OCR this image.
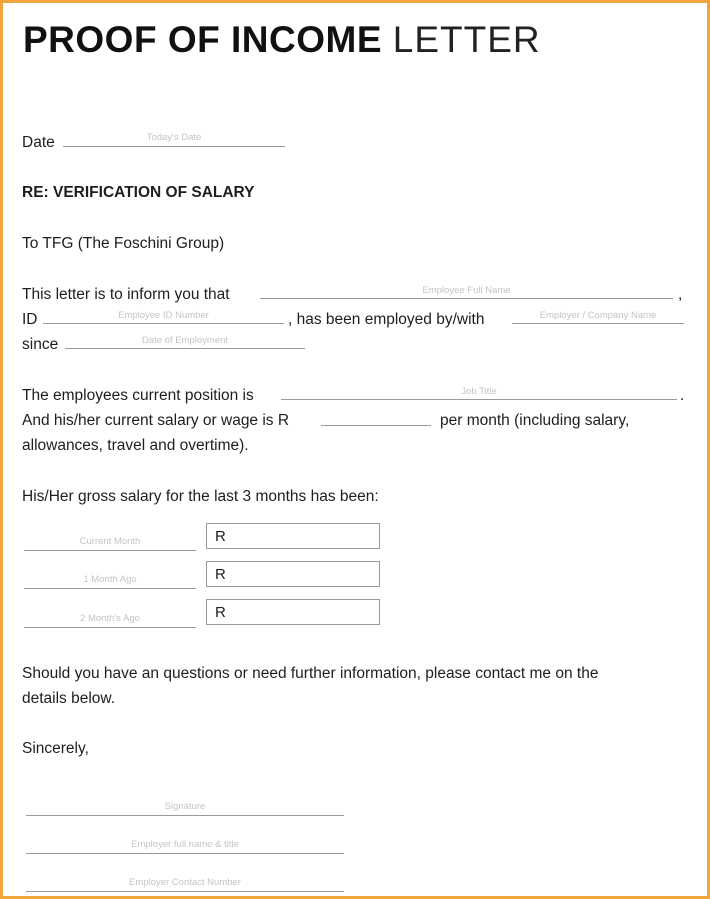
PROOF OF INCOME LETTER
Date	Today's Date
RE: VERIFICATION OF SALARY
To TFG (The Foschini Group)
This letter is to inform you that	Employee Full Name	,
ID	Employee ID Number	, has been employed by/with	Employer / Company Name
since	Date of Employment
The employees current position is	Job Title	.
And his/her current salary or wage is R	per month (including salary,
allowances, travel and overtime).
His/Her gross salary for the last 3 months has been:
Current Month	R
1 Month Ago	R
2 Month's Ago	R
Should you have an questions or need further information, please contact me on the
details below.
Sincerely,
Signature
Employer full name & title
Employer Contact Number
